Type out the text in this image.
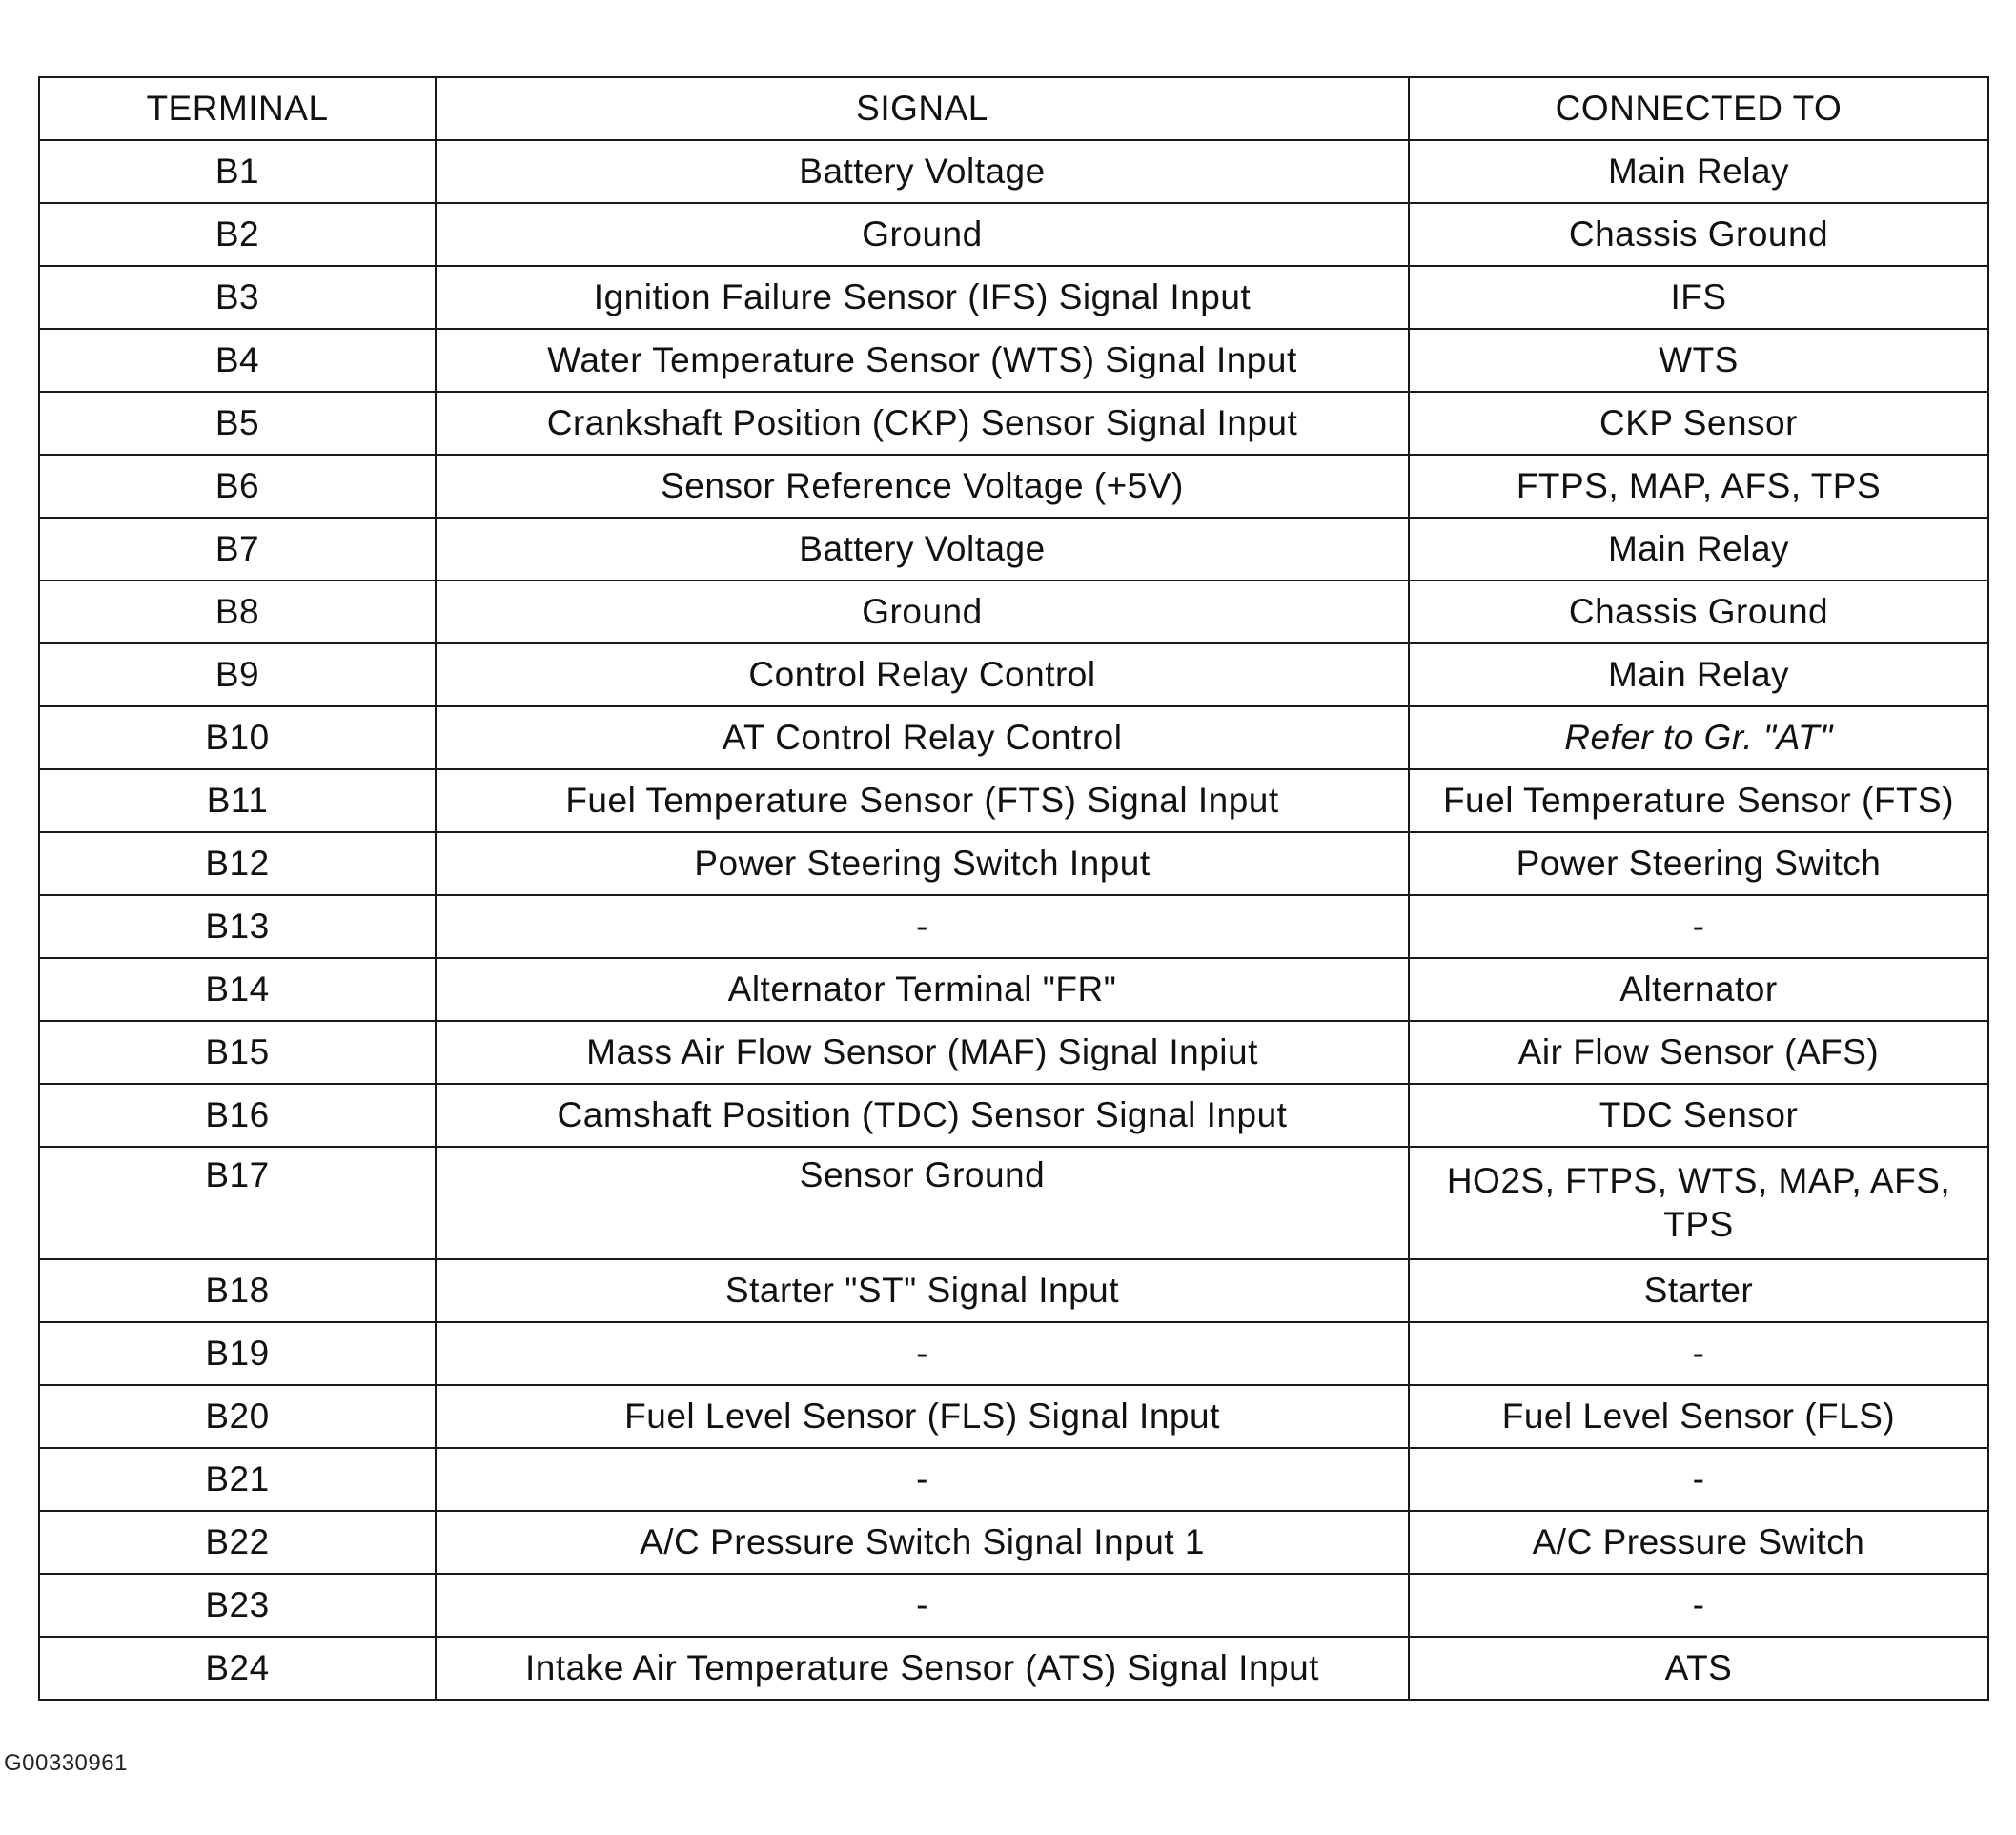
TERMINAL	SIGNAL	CONNECTED TO
B1	Battery Voltage	Main Relay
B2	Ground	Chassis Ground
B3	Ignition Failure Sensor (IFS) Signal Input	IFS
B4	Water Temperature Sensor (WTS) Signal Input	WTS
B5	Crankshaft Position (CKP) Sensor Signal Input	CKP Sensor
B6	Sensor Reference Voltage (+5V)	FTPS, MAP, AFS, TPS
B7	Battery Voltage	Main Relay
B8	Ground	Chassis Ground
B9	Control Relay Control	Main Relay
B10	AT Control Relay Control	Refer to Gr. "AT"
B11	Fuel Temperature Sensor (FTS) Signal Input	Fuel Temperature Sensor (FTS)
B12	Power Steering Switch Input	Power Steering Switch
B13	-	-
B14	Alternator Terminal "FR"	Alternator
B15	Mass Air Flow Sensor (MAF) Signal Inpiut	Air Flow Sensor (AFS)
B16	Camshaft Position (TDC) Sensor Signal Input	TDC Sensor
B17	Sensor Ground	HO2S, FTPS, WTS, MAP, AFS, TPS
B18	Starter "ST" Signal Input	Starter
B19	-	-
B20	Fuel Level Sensor (FLS) Signal Input	Fuel Level Sensor (FLS)
B21	-	-
B22	A/C Pressure Switch Signal Input 1	A/C Pressure Switch
B23	-	-
B24	Intake Air Temperature Sensor (ATS) Signal Input	ATS
G00330961
